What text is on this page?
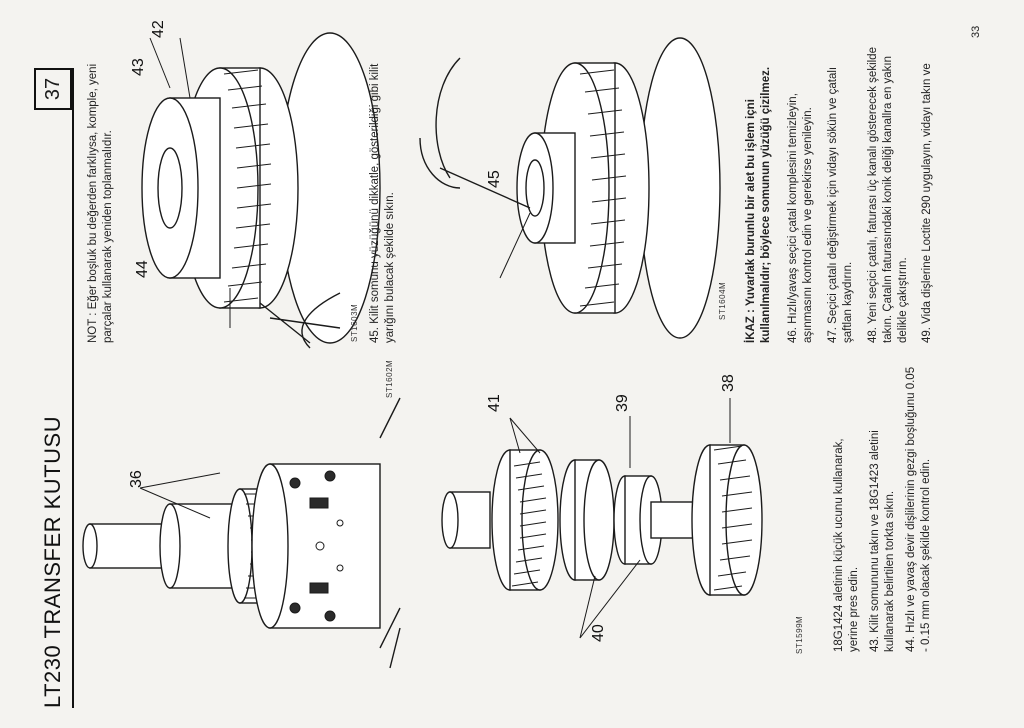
LT230 TRANSFER KUTUSU
37
36
ST1602M
41	39
40
38
ST1599M	18G1424 aletinin küçük ucunu kullanarak, yerine pres edin. 43. Kilit somununu takın ve 18G1423 aletini kullanarak belirtilen torkta sıkın. 44. Hızlı ve yavaş devir dişlilerinin gezgi boşluğunu 0.05 - 0.15 mm olacak şekilde kontrol edin.
NOT : Eğer boşluk bu değerden farklıysa, komple, yeni parçalar kullanarak yeniden toplanmalıdır.
43
42
44
ST1603M 45. Kilit somunu yüzüğünü dikkatle, gösterildiği gibi kilit yarığını bulacak şekilde sıkın.
45
ST1604M İKAZ : Yuvarlak burunlu bir alet bu işlem içni kullanılmalıdır; böylece somunun yüzüğü çizilmez. 46. Hızlı/yavaş seçici çatal komplesini temizleyin, aşınmasını kontrol edin ve gerekirse yenileyin. 47. Seçici çatalı değiştirmek için vidayı sökün ve çatalı şaftlan kaydırın. 48. Yeni seçici çatalı, faturası üç kanalı gösterecek şekilde takın. Çatalın faturasındaki konik deliği kanallra en yakın delikle çakıştırın. 49. Vida dişlerine Loctite 290 uygulayın, vidayı takın ve
33
